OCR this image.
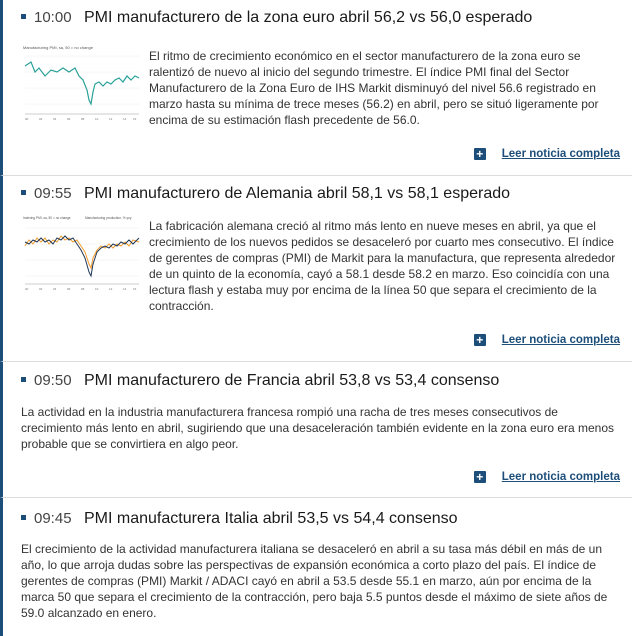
10:00 PMI manufacturero de la zona euro abril 56,2 vs 56,0 esperado
Manufacturing PMI, sa, 50 = no change
00	02	04	06	08	10	12	14 16
El ritmo de crecimiento económico en el sector manufacturero de la zona euro se ralentizó de nuevo al inicio del segundo trimestre. El índice PMI final del Sector Manufacturero de la Zona Euro de IHS Markit disminuyó del nivel 56.6 registrado en marzo hasta su mínima de trece meses (56.2) en abril, pero se situó ligeramente por encima de su estimación flash precedente de 56.0.
+ Leer noticia completa
09:55 PMI manufacturero de Alemania abril 58,1 vs 58,1 esperado
Indexing PMI, sa, 50 = no change	Manufacturing production, % yoy
00	02	04	06	08	10	12	14 16
La fabricación alemana creció al ritmo más lento en nueve meses en abril, ya que el crecimiento de los nuevos pedidos se desaceleró por cuarto mes consecutivo. El índice de gerentes de compras (PMI) de Markit para la manufactura, que representa alrededor de un quinto de la economía, cayó a 58.1 desde 58.2 en marzo. Eso coincidía con una lectura flash y estaba muy por encima de la línea 50 que separa el crecimiento de la contracción.
+ Leer noticia completa
09:50 PMI manufacturero de Francia abril 53,8 vs 53,4 consenso
La actividad en la industria manufacturera francesa rompió una racha de tres meses consecutivos de crecimiento más lento en abril, sugiriendo que una desaceleración también evidente en la zona euro era menos probable que se convirtiera en algo peor.
+ Leer noticia completa
09:45 PMI manufacturera Italia abril 53,5 vs 54,4 consenso
El crecimiento de la actividad manufacturera italiana se desaceleró en abril a su tasa más débil en más de un año, lo que arroja dudas sobre las perspectivas de expansión económica a corto plazo del país. El índice de gerentes de compras (PMI) Markit / ADACI cayó en abril a 53.5 desde 55.1 en marzo, aún por encima de la marca 50 que separa el crecimiento de la contracción, pero baja 5.5 puntos desde el máximo de siete años de 59.0 alcanzado en enero.
